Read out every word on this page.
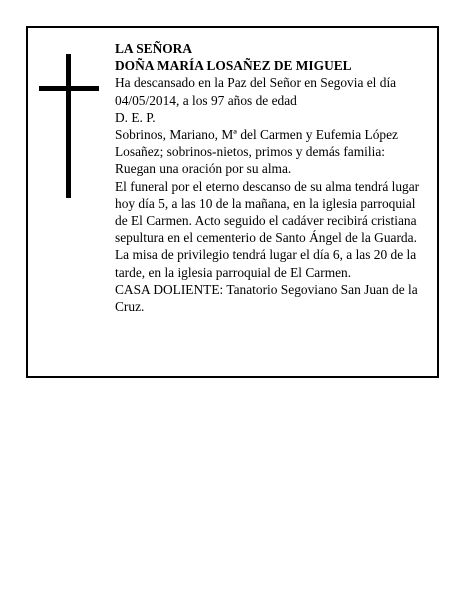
LA SEÑORA

DOÑA MARÍA LOSAÑEZ DE MIGUEL

Ha descansado en la Paz del Señor en Segovia el día 04/05/2014, a los 97 años de edad

D. E. P.

Sobrinos, Mariano, Mª del Carmen y Eufemia López Losañez; sobrinos-nietos, primos y demás familia:

Ruegan una oración por su alma.

El funeral por el eterno descanso de su alma tendrá lugar hoy día 5, a las 10 de la mañana, en la iglesia parroquial de El Carmen. Acto seguido el cadáver recibirá cristiana sepultura en el cementerio de Santo Ángel de la Guarda. La misa de privilegio tendrá lugar el día 6, a las 20 de la tarde, en la iglesia parroquial de El Carmen.

CASA DOLIENTE: Tanatorio Segoviano San Juan de la Cruz.
